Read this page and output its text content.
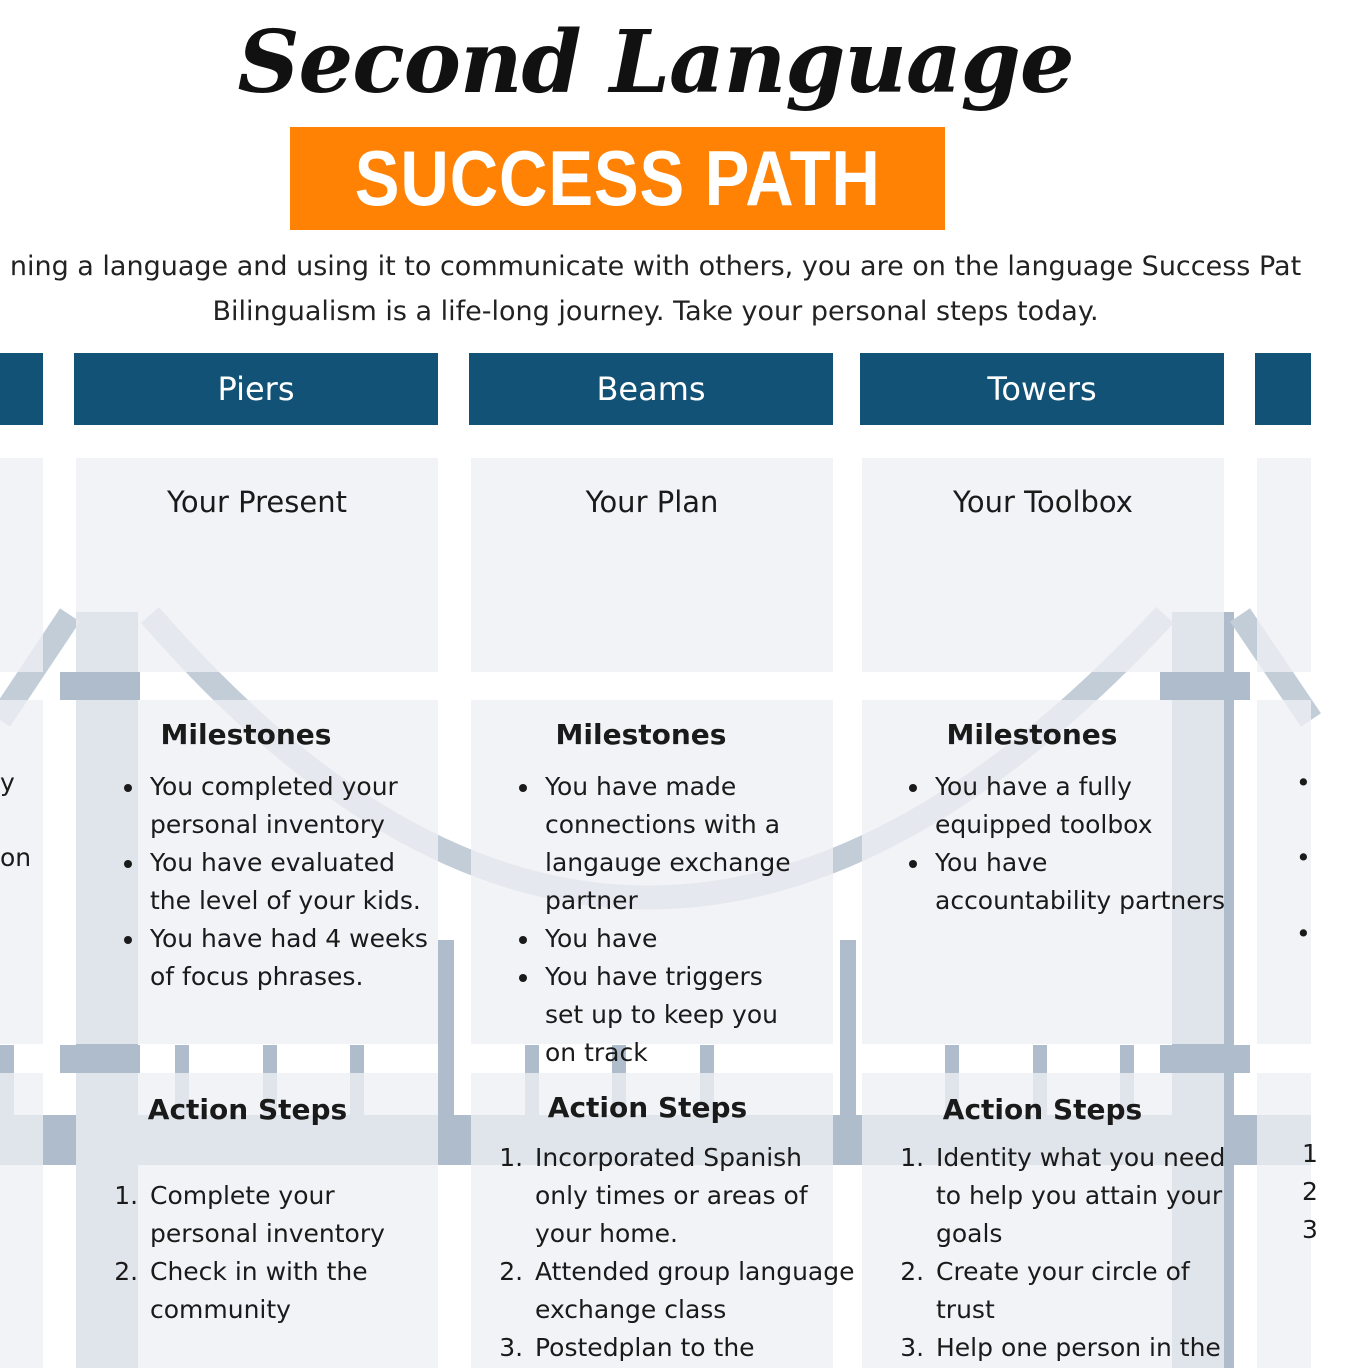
Second Language
SUCCESS PATH
ning a language and using it to communicate with others, you are on the language Success Pat
Bilingualism is a life-long journey. Take your personal steps today.
Piers	Beams	Towers
Your Present	Your Plan	Your Toolbox
Milestones
• You completed your personal inventory
• You have evaluated the level of your kids.
• You have had 4 weeks of focus phrases.
Milestones
• You have made connections with a langauge exchange partner
• You have
• You have triggers set up to keep you on track
Milestones
• You have a fully equipped toolbox
• You have accountability partners
Action Steps
1. Complete your personal inventory
2. Check in with the community
Action Steps
1. Incorporated Spanish only times or areas of your home.
2. Attended group language exchange class
3. Postedplan to the
Action Steps
1. Identity what you need to help you attain your goals
2. Create your circle of trust
3. Help one person in the
y
on
•
•
•
1
2
3
